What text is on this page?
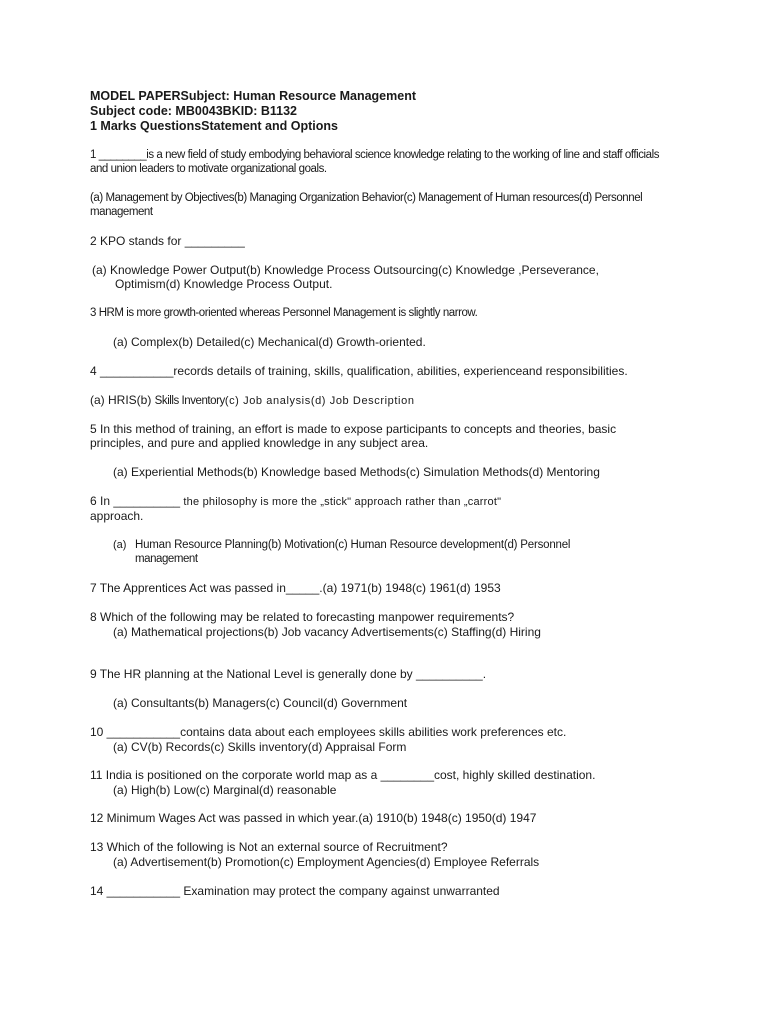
MODEL PAPERSubject: Human Resource Management
Subject code: MB0043BKID: B1132
1 Marks QuestionsStatement and Options
1 ________is a new field of study embodying behavioral science knowledge relating to the working of line and staff officials
and union leaders to motivate organizational goals.
(a) Management by Objectives(b) Managing Organization Behavior(c) Management of Human resources(d) Personnel
management
2 KPO stands for _________
(a) Knowledge Power Output(b) Knowledge Process Outsourcing(c) Knowledge ,Perseverance,
Optimism(d) Knowledge Process Output.
3 HRM is more growth-oriented whereas Personnel Management is slightly narrow.
(a) Complex(b) Detailed(c) Mechanical(d) Growth-oriented.
4 ___________records details of training, skills, qualification, abilities, experienceand responsibilities.
(a) HRIS(b) Skills Inventory(c) Job analysis(d) Job Description
5 In this method of training, an effort is made to expose participants to concepts and theories, basic
principles, and pure and applied knowledge in any subject area.
(a) Experiential Methods(b) Knowledge based Methods(c) Simulation Methods(d) Mentoring
6 In __________ the philosophy is more the „stick" approach rather than „carrot"
approach.
(a) Human Resource Planning(b) Motivation(c) Human Resource development(d) Personnel
management
7 The Apprentices Act was passed in_____.(a) 1971(b) 1948(c) 1961(d) 1953
8 Which of the following may be related to forecasting manpower requirements?
(a) Mathematical projections(b) Job vacancy Advertisements(c) Staffing(d) Hiring
9 The HR planning at the National Level is generally done by __________.
(a) Consultants(b) Managers(c) Council(d) Government
10 ___________contains data about each employees skills abilities work preferences etc.
(a) CV(b) Records(c) Skills inventory(d) Appraisal Form
11 India is positioned on the corporate world map as a ________cost, highly skilled destination.
(a) High(b) Low(c) Marginal(d) reasonable
12 Minimum Wages Act was passed in which year.(a) 1910(b) 1948(c) 1950(d) 1947
13 Which of the following is Not an external source of Recruitment?
(a) Advertisement(b) Promotion(c) Employment Agencies(d) Employee Referrals
14 ___________ Examination may protect the company against unwarranted
